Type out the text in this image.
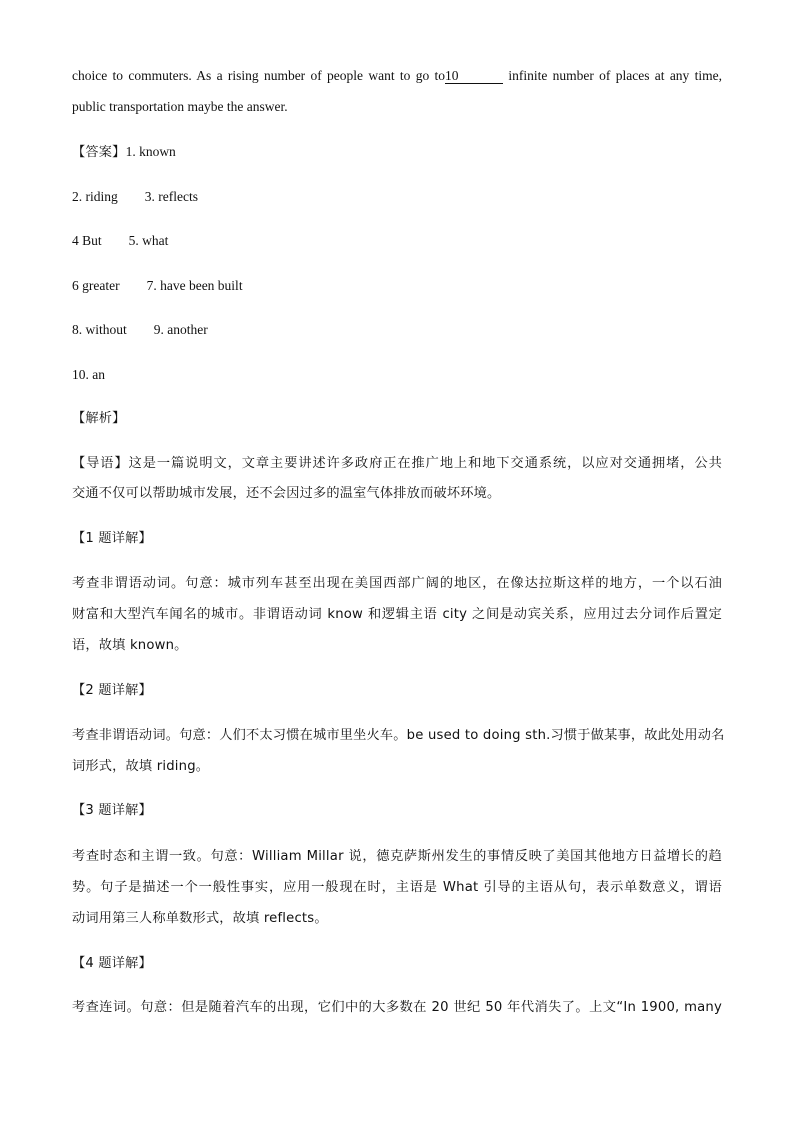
choice to commuters. As a rising number of people want to go to10	infinite number of places at any time,
public transportation maybe the answer.
【答案】1. known
2. riding 3. reflects
4 But 5. what
6 greater 7. have been built
8. without 9. another
10. an
【解析】
【导语】这是一篇说明文，文章主要讲述许多政府正在推广地上和地下交通系统，以应对交通拥堵，公共
交通不仅可以帮助城市发展，还不会因过多的温室气体排放而破坏环境。
【1 题详解】
考查非谓语动词。句意：城市列车甚至出现在美国西部广阔的地区，在像达拉斯这样的地方，一个以石油
财富和大型汽车闻名的城市。非谓语动词 know 和逻辑主语 city 之间是动宾关系，应用过去分词作后置定
语，故填 known。
【2 题详解】
考查非谓语动词。句意：人们不太习惯在城市里坐火车。be used to doing sth.习惯于做某事，故此处用动名
词形式，故填 riding。
【3 题详解】
考查时态和主谓一致。句意：William Millar 说，德克萨斯州发生的事情反映了美国其他地方日益增长的趋
势。句子是描述一个一般性事实，应用一般现在时，主语是 What 引导的主语从句，表示单数意义，谓语
动词用第三人称单数形式，故填 reflects。
【4 题详解】
考查连词。句意：但是随着汽车的出现，它们中的大多数在 20 世纪 50 年代消失了。上文“In 1900, many
